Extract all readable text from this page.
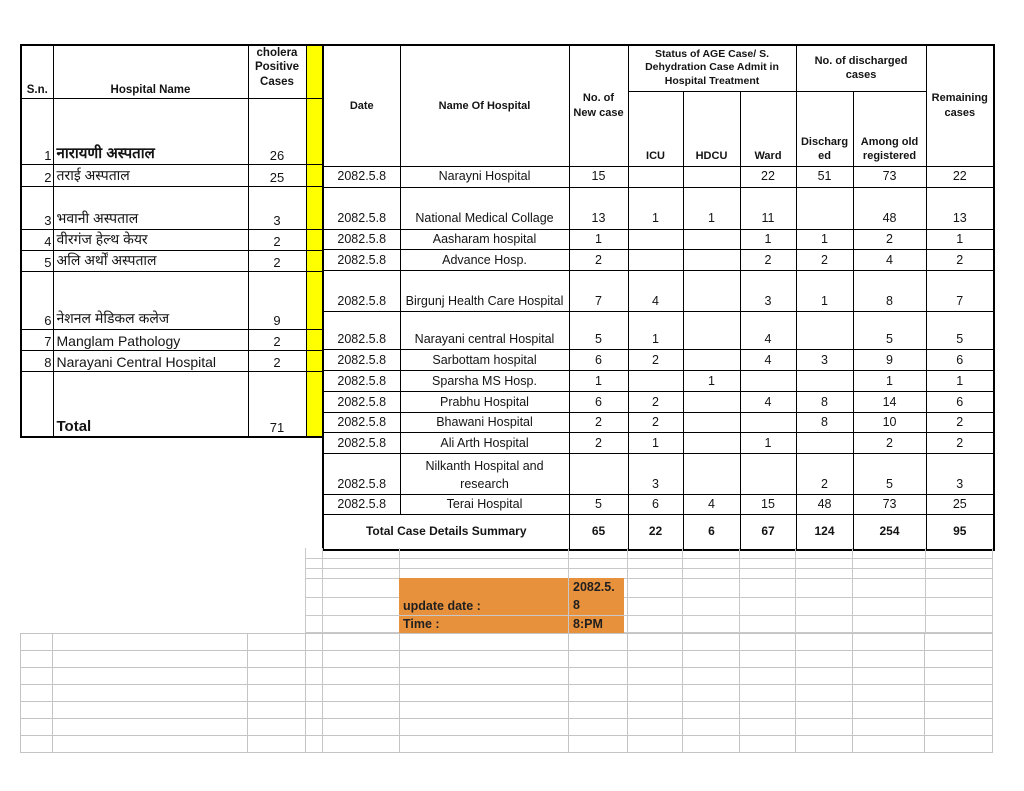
S.n.	Hospital Name	cholera Positive Cases	
1	नारायणी अस्पताल	26	
2	तराई अस्पताल	25	
3	भवानी अस्पताल	3	
4	वीरगंज हेल्थ केयर	2	
5	अलि अर्थों अस्पताल	2	
6	नेशनल मेडिकल कलेज	9	
7	Manglam Pathology	2	
8	Narayani Central Hospital	2	
	Total	71	
Date	Name Of Hospital	No. of New case	Status of AGE Case/ S. Dehydration Case Admit in Hospital Treatment			No. of discharged cases		Remaining cases
			ICU	HDCU	Ward	Discharged	Among old registered	
2082.5.8	Narayni Hospital	15			22	51	73	22
2082.5.8	National Medical Collage	13	1	1	11		48	13
2082.5.8	Aasharam hospital	1			1	1	2	1
2082.5.8	Advance Hosp.	2			2	2	4	2
2082.5.8	Birgunj Health Care Hospital	7	4		3	1	8	7
2082.5.8	Narayani central Hospital	5	1		4		5	5
2082.5.8	Sarbottam hospital	6	2		4	3	9	6
2082.5.8	Sparsha MS Hosp.	1		1			1	1
2082.5.8	Prabhu Hospital	6	2		4	8	14	6
2082.5.8	Bhawani Hospital	2	2			8	10	2
2082.5.8	Ali Arth Hospital	2	1		1		2	2
2082.5.8	Nilkanth Hospital and research		3			2	5	3
2082.5.8	Terai Hospital	5	6	4	15	48	73	25
Total Case Details Summary		65	22	6	67	124	254	95
update date :
2082.5.8
Time :	8:PM
